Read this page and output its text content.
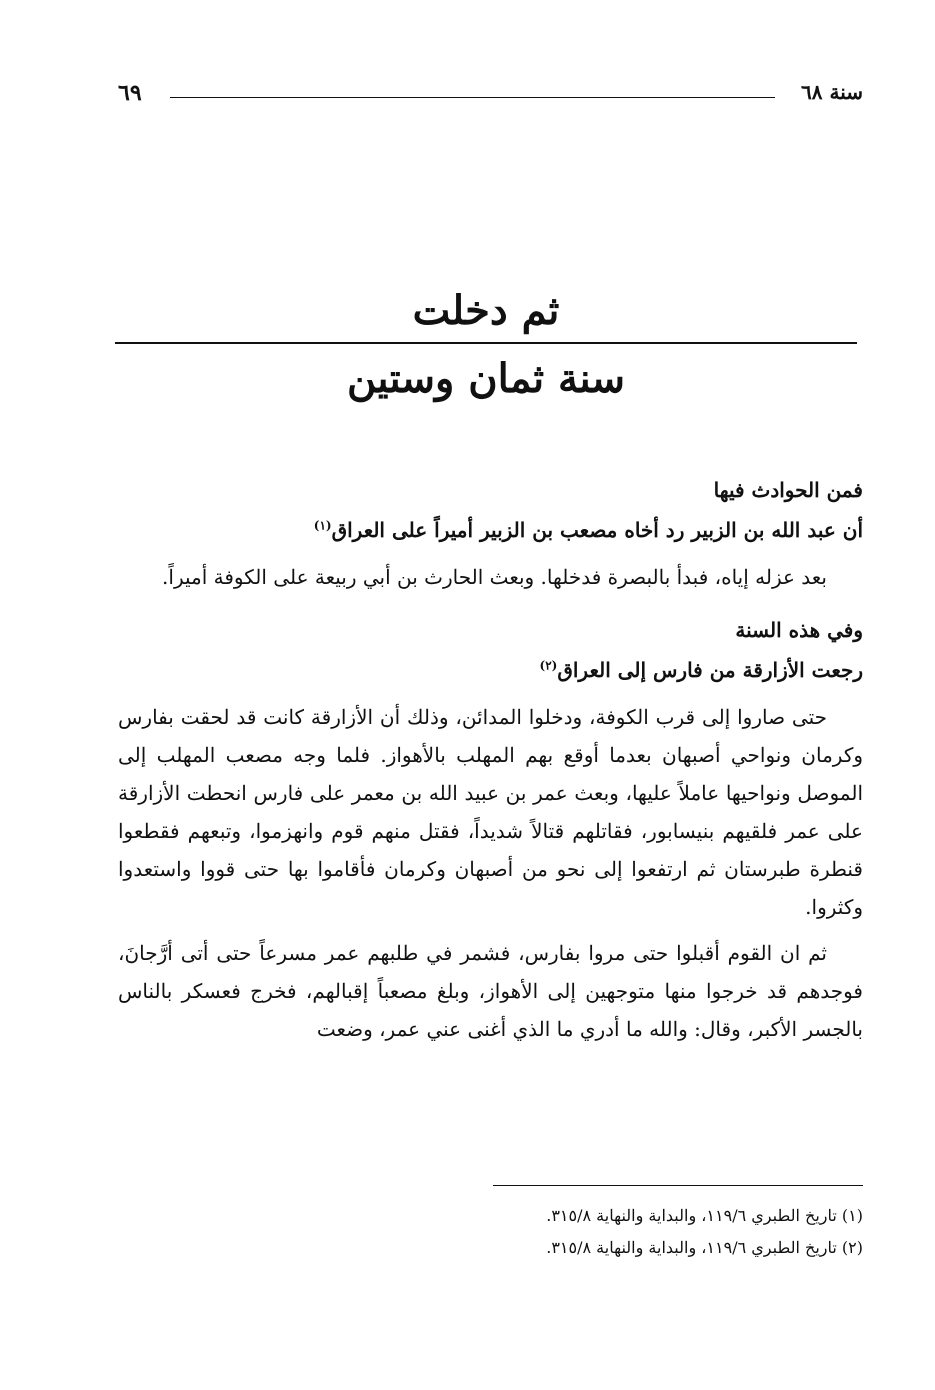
سنة ٦٨
٦٩
ثم دخلت
سنة ثمان وستين

فمن الحوادث فيها

أن عبد الله بن الزبير رد أخاه مصعب بن الزبير أميراً على العراق$^{(١)}$

بعد عزله إياه، فبدأ بالبصرة فدخلها. وبعث الحارث بن أبي ربيعة على الكوفة أميراً.

وفي هذه السنة

رجعت الأزارقة من فارس إلى العراق$^{(٢)}$

حتى صاروا إلى قرب الكوفة، ودخلوا المدائن، وذلك أن الأزارقة كانت قد لحقت بفارس وكرمان ونواحي أصبهان بعدما أوقع بهم المهلب بالأهواز. فلما وجه مصعب المهلب إلى الموصل ونواحيها عاملاً عليها، وبعث عمر بن عبيد الله بن معمر على فارس انحطت الأزارقة على عمر فلقيهم بنيسابور، فقاتلهم قتالاً شديداً، فقتل منهم قوم وانهزموا، وتبعهم فقطعوا قنطرة طبرستان ثم ارتفعوا إلى نحو من أصبهان وكرمان فأقاموا بها حتى قووا واستعدوا وكثروا.

ثم ان القوم أقبلوا حتى مروا بفارس، فشمر في طلبهم عمر مسرعاً حتى أتى أرَّجانَ، فوجدهم قد خرجوا منها متوجهين إلى الأهواز، وبلغ مصعباً إقبالهم، فخرج فعسكر بالناس بالجسر الأكبر، وقال: والله ما أدري ما الذي أغنى عني عمر، وضعت

(١) تاريخ الطبري ١١٩/٦، والبداية والنهاية ٣١٥/٨.
(٢) تاريخ الطبري ١١٩/٦، والبداية والنهاية ٣١٥/٨.
